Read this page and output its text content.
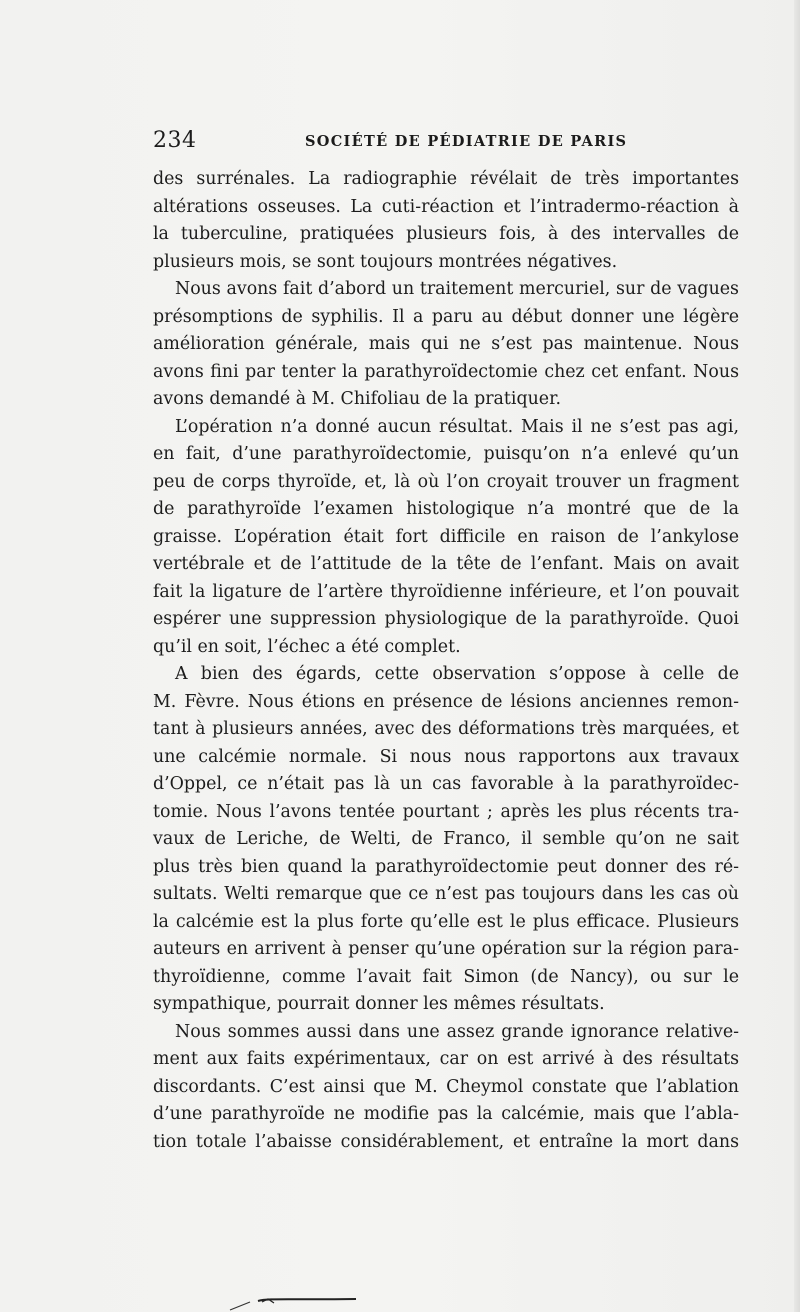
234	SOCIÉTÉ DE PÉDIATRIE DE PARIS
des surrénales. La radiographie révélait de très importantes
altérations osseuses. La cuti-réaction et l’intradermo-réaction à
la tuberculine, pratiquées plusieurs fois, à des intervalles de
plusieurs mois, se sont toujours montrées négatives.
Nous avons fait d’abord un traitement mercuriel, sur de vagues
présomptions de syphilis. Il a paru au début donner une légère
amélioration générale, mais qui ne s’est pas maintenue. Nous
avons fini par tenter la parathyroïdectomie chez cet enfant. Nous
avons demandé à M. Chifoliau de la pratiquer.
L’opération n’a donné aucun résultat. Mais il ne s’est pas agi,
en fait, d’une parathyroïdectomie, puisqu’on n’a enlevé qu’un
peu de corps thyroïde, et, là où l’on croyait trouver un fragment
de parathyroïde l’examen histologique n’a montré que de la
graisse. L’opération était fort difficile en raison de l’ankylose
vertébrale et de l’attitude de la tête de l’enfant. Mais on avait
fait la ligature de l’artère thyroïdienne inférieure, et l’on pouvait
espérer une suppression physiologique de la parathyroïde. Quoi
qu’il en soit, l’échec a été complet.
A bien des égards, cette observation s’oppose à celle de
M. Fèvre. Nous étions en présence de lésions anciennes remon-
tant à plusieurs années, avec des déformations très marquées, et
une calcémie normale. Si nous nous rapportons aux travaux
d’Oppel, ce n’était pas là un cas favorable à la parathyroïdec-
tomie. Nous l’avons tentée pourtant ; après les plus récents tra-
vaux de Leriche, de Welti, de Franco, il semble qu’on ne sait
plus très bien quand la parathyroïdectomie peut donner des ré-
sultats. Welti remarque que ce n’est pas toujours dans les cas où
la calcémie est la plus forte qu’elle est le plus efficace. Plusieurs
auteurs en arrivent à penser qu’une opération sur la région para-
thyroïdienne, comme l’avait fait Simon (de Nancy), ou sur le
sympathique, pourrait donner les mêmes résultats.
Nous sommes aussi dans une assez grande ignorance relative-
ment aux faits expérimentaux, car on est arrivé à des résultats
discordants. C’est ainsi que M. Cheymol constate que l’ablation
d’une parathyroïde ne modifie pas la calcémie, mais que l’abla-
tion totale l’abaisse considérablement, et entraîne la mort dans
